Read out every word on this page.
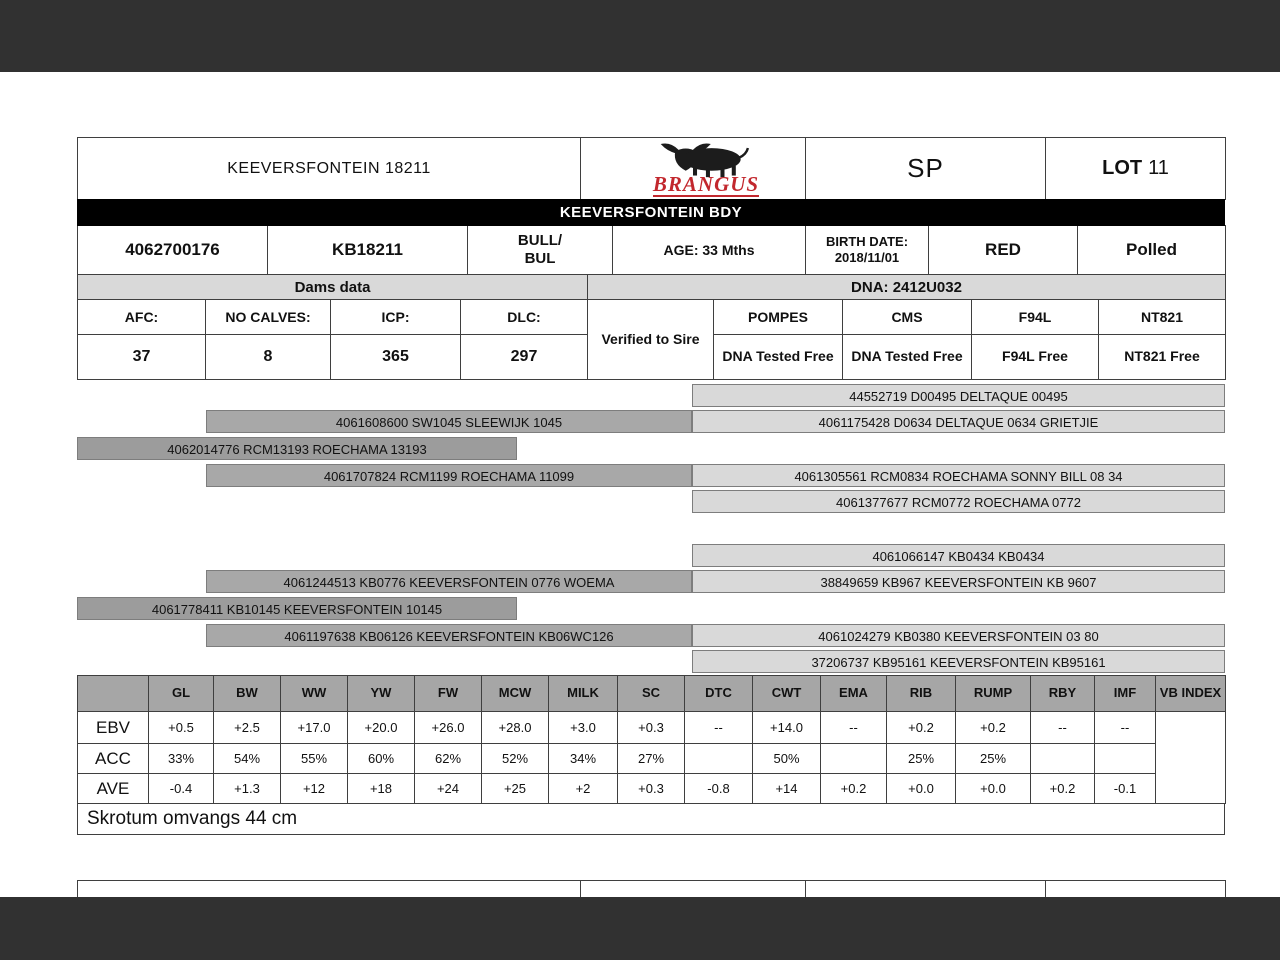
KEEVERSFONTEIN 18211	
BRANGUS
	SP	LOT 11
KEEVERSFONTEIN BDY
4062700176	KB18211	BULL/
BUL	AGE: 33 Mths	
BIRTH DATE:
2018/11/01	RED	Polled
Dams data	DNA: 2412U032
AFC:	NO CALVES:	ICP:	DLC:	Verified to Sire	POMPES	CMS	F94L	NT821
37	8	365	297		DNA Tested Free	DNA Tested Free	F94L Free	NT821 Free
44552719 D00495 DELTAQUE 00495
4061608600 SW1045 SLEEWIJK 1045	4061175428 D0634 DELTAQUE 0634 GRIETJIE
4062014776 RCM13193 ROECHAMA 13193
4061707824 RCM1199 ROECHAMA 11099	4061305561 RCM0834 ROECHAMA SONNY BILL 08 34
4061377677 RCM0772 ROECHAMA 0772
4061066147 KB0434 KB0434
4061244513 KB0776 KEEVERSFONTEIN 0776 WOEMA	38849659 KB967 KEEVERSFONTEIN KB 9607
4061778411 KB10145 KEEVERSFONTEIN 10145
4061197638 KB06126 KEEVERSFONTEIN KB06WC126	4061024279 KB0380 KEEVERSFONTEIN 03 80
37206737 KB95161 KEEVERSFONTEIN KB95161
	GL	BW	WW	YW	FW	MCW	MILK	SC	DTC	CWT	EMA	RIB	RUMP	RBY	IMF	VB INDEX
EBV	+0.5	+2.5	+17.0	+20.0	+26.0	+28.0	+3.0	+0.3	--	+14.0	--	+0.2	+0.2	--	--	
ACC	33%	54%	55%	60%	62%	52%	34%	27%		50%		25%	25%			
AVE	-0.4	+1.3	+12	+18	+24	+25	+2	+0.3	-0.8	+14	+0.2	+0.0	+0.0	+0.2	-0.1	
Skrotum omvangs 44 cm
